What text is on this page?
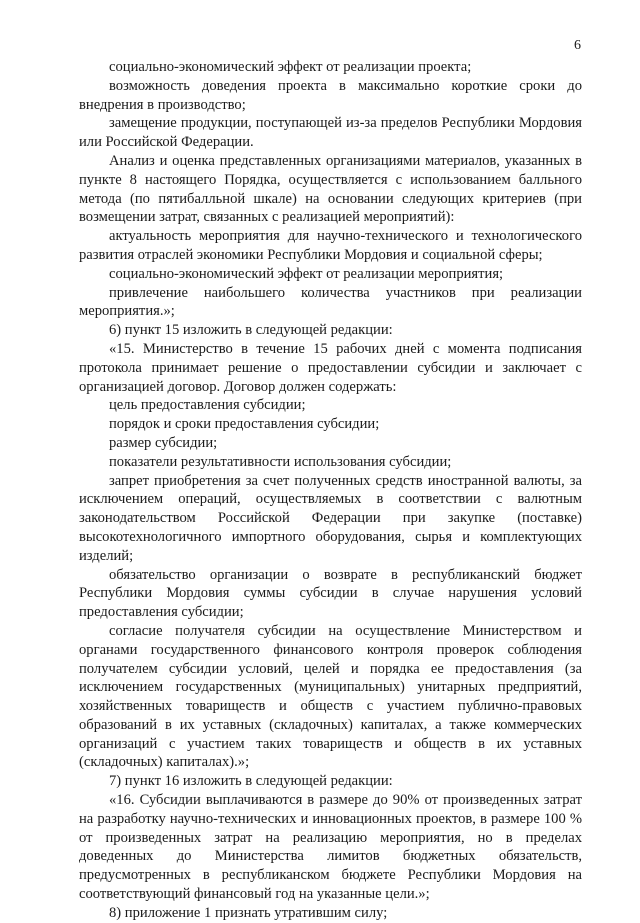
6

социально-экономический эффект от реализации проекта;

возможность доведения проекта в максимально короткие сроки до внедрения в производство;

замещение продукции, поступающей из-за пределов Республики Мордовия или Российской Федерации.

Анализ и оценка представленных организациями материалов, указанных в пункте 8 настоящего Порядка, осуществляется с использованием балльного метода (по пятибалльной шкале) на основании следующих критериев (при возмещении затрат, связанных с реализацией мероприятий):

актуальность мероприятия для научно-технического и технологического развития отраслей экономики Республики Мордовия и социальной сферы;

социально-экономический эффект от реализации мероприятия;

привлечение наибольшего количества участников при реализации мероприятия.»;

6) пункт 15 изложить в следующей редакции:

«15. Министерство в течение 15 рабочих дней с момента подписания протокола принимает решение о предоставлении субсидии и заключает с организацией договор. Договор должен содержать:

цель предоставления субсидии;

порядок и сроки предоставления субсидии;

размер субсидии;

показатели результативности использования субсидии;

запрет приобретения за счет полученных средств иностранной валюты, за исключением операций, осуществляемых в соответствии с валютным законодательством Российской Федерации при закупке (поставке) высокотехнологичного импортного оборудования, сырья и комплектующих изделий;

обязательство организации о возврате в республиканский бюджет Республики Мордовия суммы субсидии в случае нарушения условий предоставления субсидии;

согласие получателя субсидии на осуществление Министерством и органами государственного финансового контроля проверок соблюдения получателем субсидии условий, целей и порядка ее предоставления (за исключением государственных (муниципальных) унитарных предприятий, хозяйственных товариществ и обществ с участием публично-правовых образований в их уставных (складочных) капиталах, а также коммерческих организаций с участием таких товариществ и обществ в их уставных (складочных) капиталах).»;

7) пункт 16 изложить в следующей редакции:

«16. Субсидии выплачиваются в размере до 90% от произведенных затрат на разработку научно-технических и инновационных проектов, в размере 100 % от произведенных затрат на реализацию мероприятия, но в пределах доведенных до Министерства лимитов бюджетных обязательств, предусмотренных в республиканском бюджете Республики Мордовия на соответствующий финансовый год на указанные цели.»;

8) приложение 1 признать утратившим силу;
